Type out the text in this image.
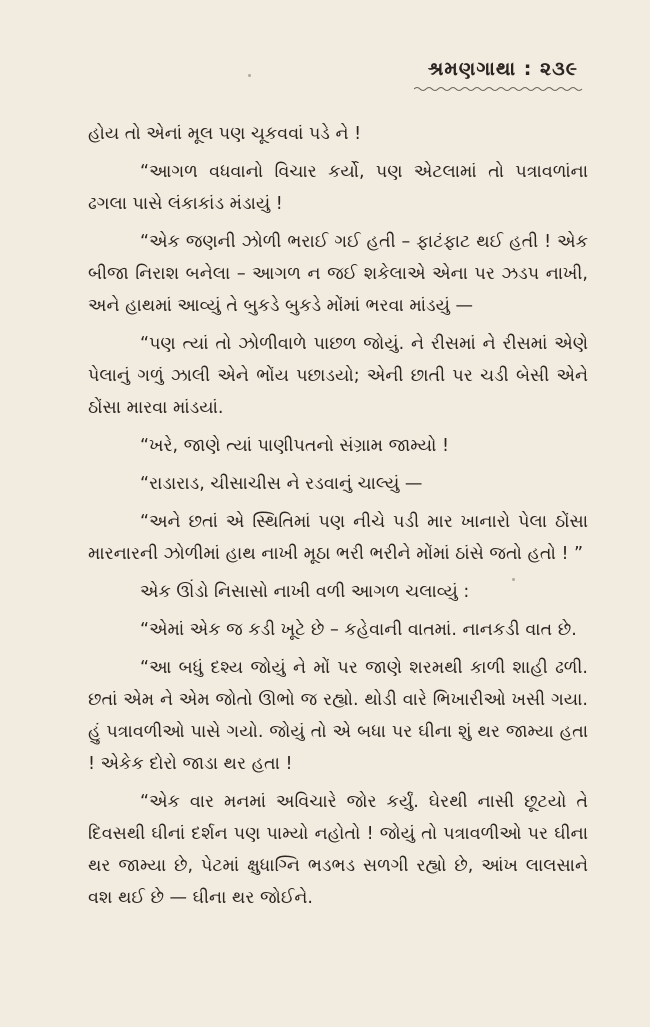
શ્રમણગાથા : ૨૩૯

હોય તો એનાં મૂલ પણ ચૂકવવાં પડે ને !

“આગળ વધવાનો વિચાર કર્યો, પણ એટલામાં તો પત્રાવળાંના ઢગલા પાસે લંકાકાંડ મંડાયું !

“એક જણની ઝોળી ભરાઈ ગઈ હતી – ફાટંફાટ થઈ હતી ! એક બીજા નિરાશ બનેલા – આગળ ન જઈ શકેલાએ એના પર ઝડપ નાખી, અને હાથમાં આવ્યું તે બુકડે બુકડે મોંમાં ભરવા માંડયું —

“પણ ત્યાં તો ઝોળીવાળે પાછળ જોયું. ને રીસમાં ને રીસમાં એણે પેલાનું ગળું ઝાલી એને ભોંય પછાડયો; એની છાતી પર ચડી બેસી એને ઠોંસા મારવા માંડયાં.

“ખરે, જાણે ત્યાં પાણીપતનો સંગ્રામ જામ્યો !

“રાડારાડ, ચીસાચીસ ને રડવાનું ચાલ્યું —

“અને છતાં એ સ્થિતિમાં પણ નીચે પડી માર ખાનારો પેલા ઠોંસા મારનારની ઝોળીમાં હાથ નાખી મૂઠા ભરી ભરીને મોંમાં ઠાંસે જતો હતો ! ”

એક ઊંડો નિસાસો નાખી વળી આગળ ચલાવ્યું :

“એમાં એક જ કડી ખૂટે છે – કહેવાની વાતમાં. નાનકડી વાત છે.

“આ બધું દશ્ય જોયું ને મોં પર જાણે શરમથી કાળી શાહી ઢળી. છતાં એમ ને એમ જોતો ઊભો જ રહ્યો. થોડી વારે ભિખારીઓ ખસી ગયા. હું પત્રાવળીઓ પાસે ગયો. જોયું તો એ બધા પર ઘીના શું થર જામ્યા હતા ! એકેક દોરો જાડા થર હતા !

“એક વાર મનમાં અવિચારે જોર કર્યું. ઘેરથી નાસી છૂટયો તે દિવસથી ઘીનાં દર્શન પણ પામ્યો નહોતો ! જોયું તો પત્રાવળીઓ પર ઘીના થર જામ્યા છે, પેટમાં ક્ષુધાગ્નિ ભડભડ સળગી રહ્યો છે, આંખ લાલસાને વશ થઈ છે — ઘીના થર જોઈને.
